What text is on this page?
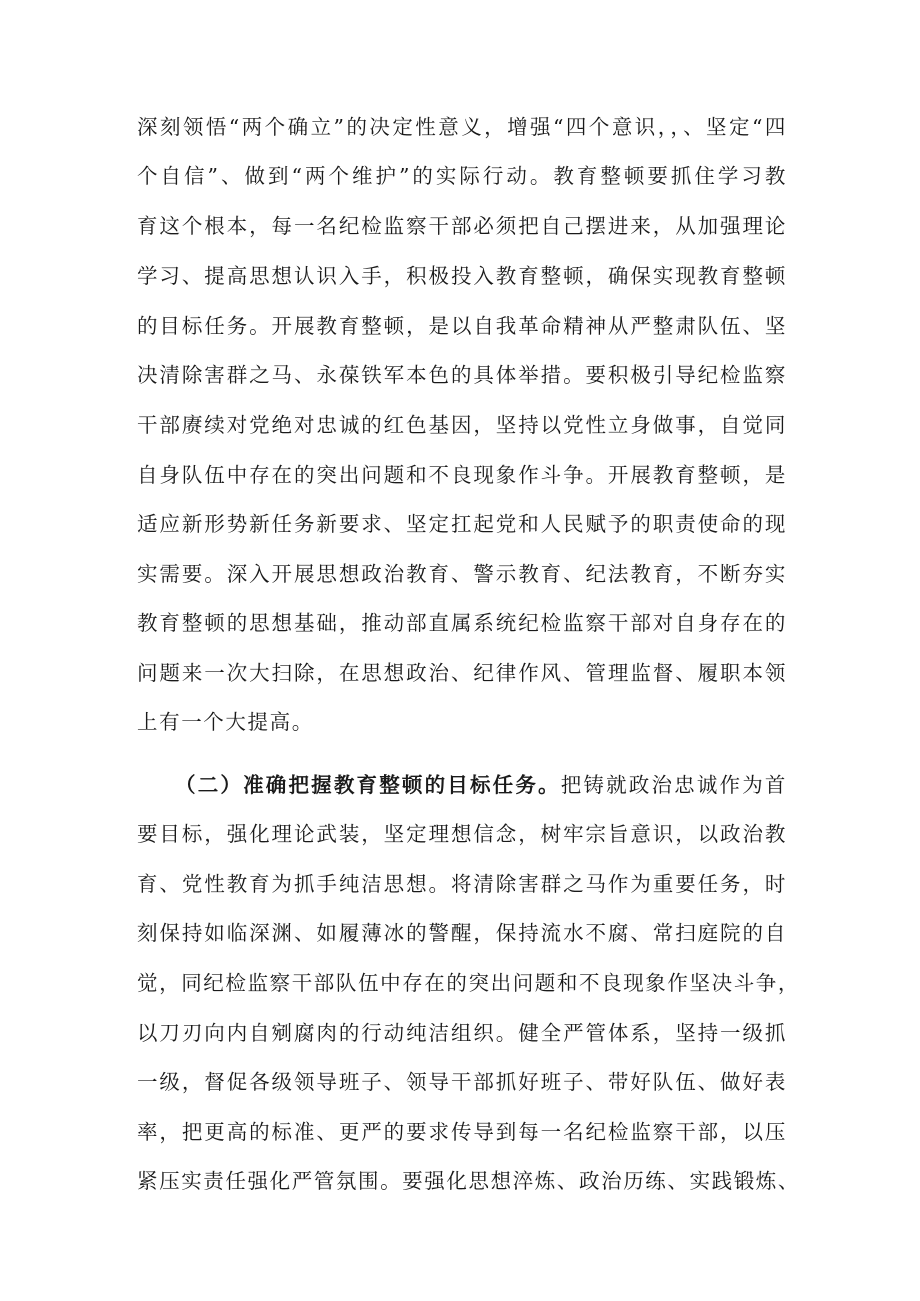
深刻领悟“两个确立”的决定性意义，增强“四个意识，，、坚定“四
个自信”、做到“两个维护”的实际行动。教育整顿要抓住学习教
育这个根本，每一名纪检监察干部必须把自己摆进来，从加强理论
学习、提高思想认识入手，积极投入教育整顿，确保实现教育整顿
的目标任务。开展教育整顿，是以自我革命精神从严整肃队伍、坚
决清除害群之马、永葆铁军本色的具体举措。要积极引导纪检监察
干部赓续对党绝对忠诚的红色基因，坚持以党性立身做事，自觉同
自身队伍中存在的突出问题和不良现象作斗争。开展教育整顿，是
适应新形势新任务新要求、坚定扛起党和人民赋予的职责使命的现
实需要。深入开展思想政治教育、警示教育、纪法教育，不断夯实
教育整顿的思想基础，推动部直属系统纪检监察干部对自身存在的
问题来一次大扫除，在思想政治、纪律作风、管理监督、履职本领
上有一个大提高。
（二）准确把握教育整顿的目标任务。把铸就政治忠诚作为首
要目标，强化理论武装，坚定理想信念，树牢宗旨意识，以政治教
育、党性教育为抓手纯洁思想。将清除害群之马作为重要任务，时
刻保持如临深渊、如履薄冰的警醒，保持流水不腐、常扫庭院的自
觉，同纪检监察干部队伍中存在的突出问题和不良现象作坚决斗争，
以刀刃向内自剜腐肉的行动纯洁组织。健全严管体系，坚持一级抓
一级，督促各级领导班子、领导干部抓好班子、带好队伍、做好表
率，把更高的标准、更严的要求传导到每一名纪检监察干部，以压
紧压实责任强化严管氛围。要强化思想淬炼、政治历练、实践锻炼、
